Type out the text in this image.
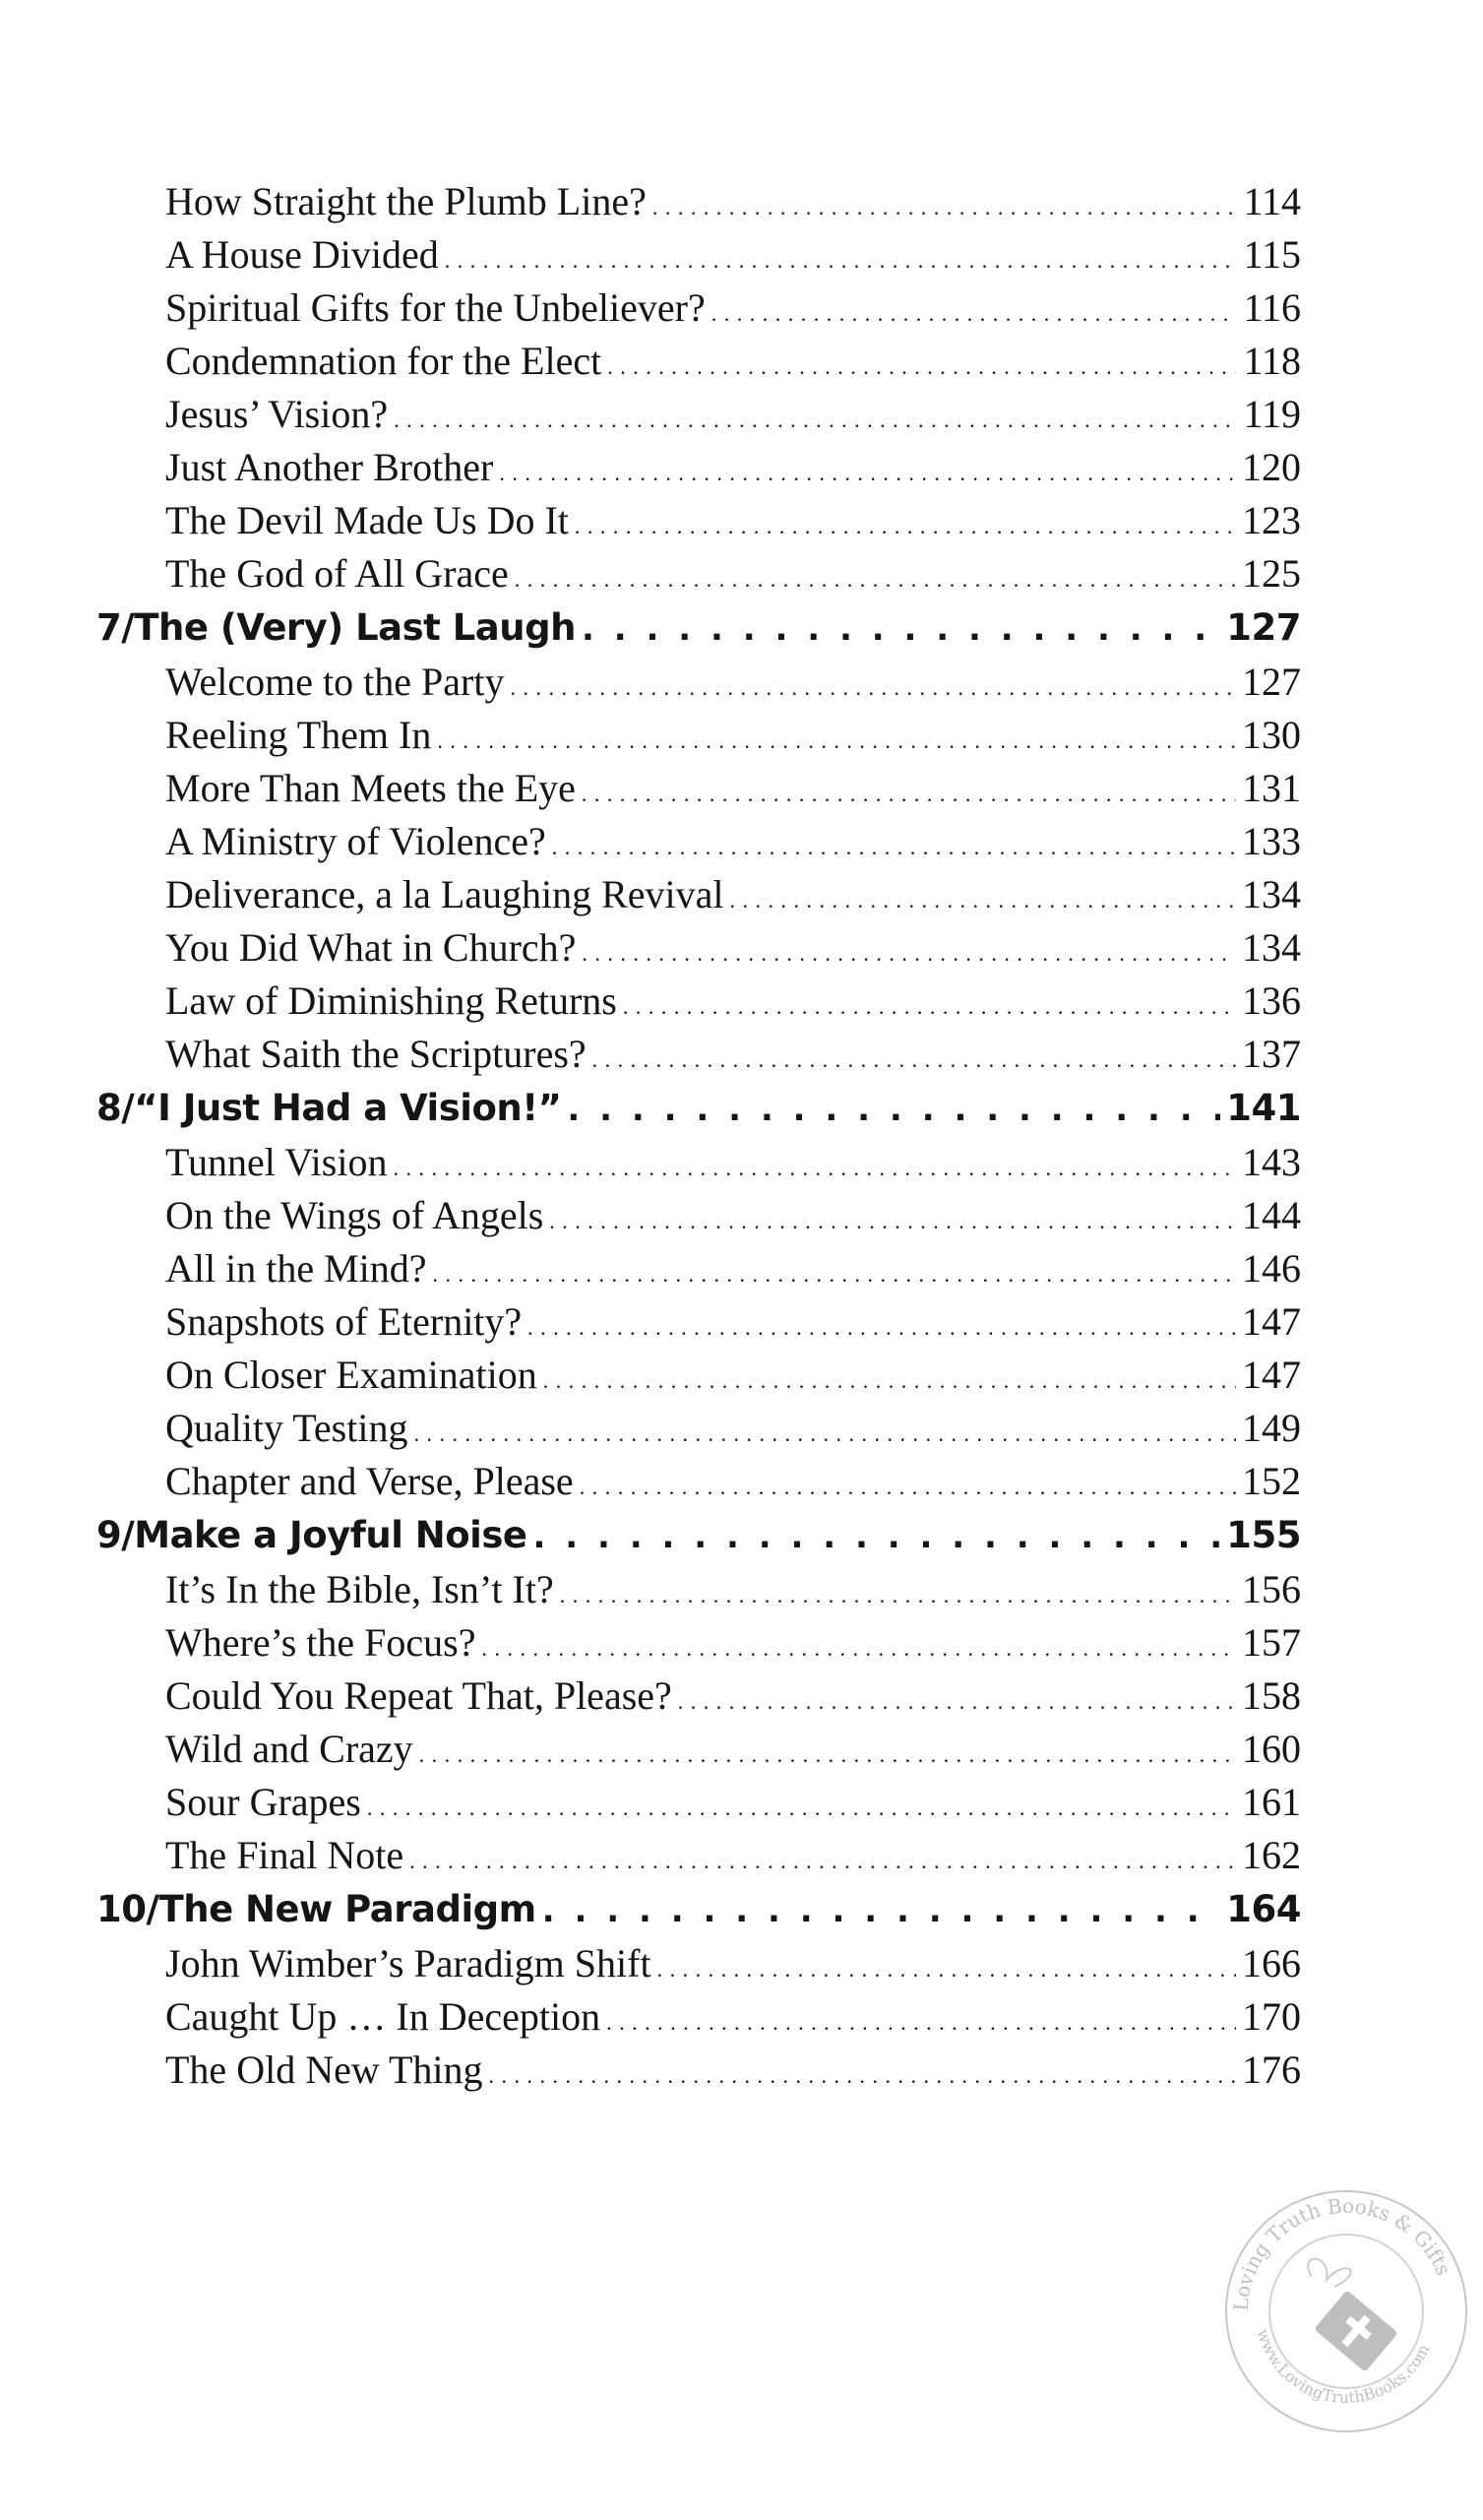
How Straight the Plumb Line? . . .	114
A House Divided . . .	115
Spiritual Gifts for the Unbeliever? . . .	116
Condemnation for the Elect . . .	118
Jesus’ Vision? . . .	119
Just Another Brother . . .	120
The Devil Made Us Do It . . .	123
The God of All Grace . . .	125
7/The (Very) Last Laugh . . .	127
Welcome to the Party . . .	127
Reeling Them In . . .	130
More Than Meets the Eye . . .	131
A Ministry of Violence? . . .	133
Deliverance, a la Laughing Revival . . .	134
You Did What in Church? . . .	134
Law of Diminishing Returns . . .	136
What Saith the Scriptures? . . .	137
8/“I Just Had a Vision!” . . .	141
Tunnel Vision . . .	143
On the Wings of Angels . . .	144
All in the Mind? . . .	146
Snapshots of Eternity? . . .	147
On Closer Examination . . .	147
Quality Testing . . .	149
Chapter and Verse, Please . . .	152
9/Make a Joyful Noise . . .	155
It’s In the Bible, Isn’t It? . . .	156
Where’s the Focus? . . .	157
Could You Repeat That, Please? . . .	158
Wild and Crazy . . .	160
Sour Grapes . . .	161
The Final Note . . .	162
10/The New Paradigm . . .	164
John Wimber’s Paradigm Shift . . .	166
Caught Up … In Deception . . .	170
The Old New Thing . . .	176
Loving Truth Books & Gifts
www.LovingTruthBooks.com
